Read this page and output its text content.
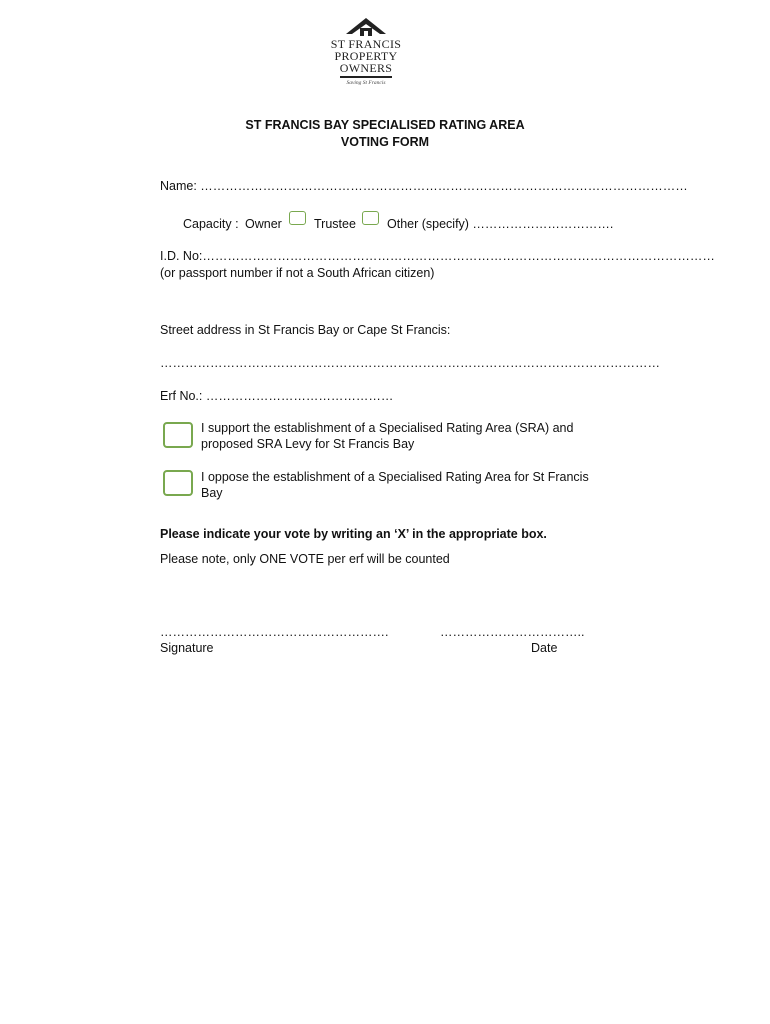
ST FRANCIS
PROPERTY
OWNERS
Saving St Francis
ST FRANCIS BAY SPECIALISED RATING AREA
VOTING FORM
Name: ………………………………………………………………………………………………………
Capacity : Owner	Trustee Other (specify) …………………………….
I.D. No:……………………………………………………………………………………………………………
(or passport number if not a South African citizen)
Street address in St Francis Bay or Cape St Francis:
…………………………………………………………………………………………………………
Erf No.: ………………………………………
I support the establishment of a Specialised Rating Area (SRA) and proposed SRA Levy for St Francis Bay
I oppose the establishment of a Specialised Rating Area for St Francis Bay
Please indicate your vote by writing an ‘X’ in the appropriate box.
Please note, only ONE VOTE per erf will be counted
……………………………………………….	……………………………..
Signature	Date
